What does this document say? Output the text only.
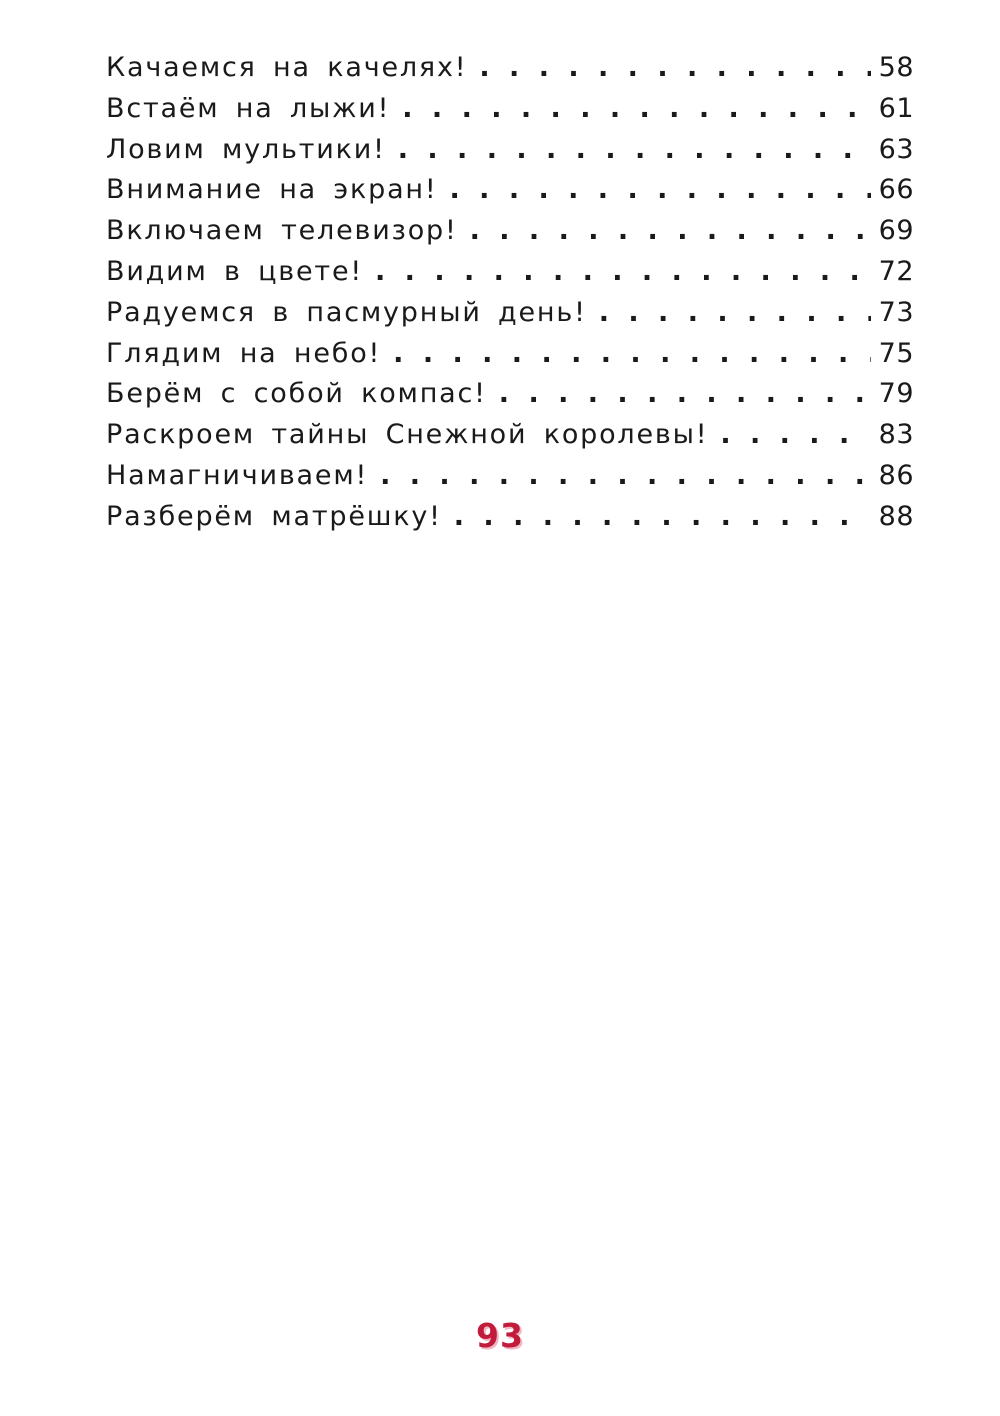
Качаемся на качелях! . . .	58
Встаём на лыжи! . . .	61
Ловим мультики! . . .	63
Внимание на экран! . . .	66
Включаем телевизор! . . .	69
Видим в цвете! . . .	72
Радуемся в пасмурный день! . . .	73
Глядим на небо! . . .	75
Берём с собой компас! . . .	79
Раскроем тайны Снежной королевы! . . .	83
Намагничиваем! . . .	86
Разберём матрёшку! . . .	88
93
